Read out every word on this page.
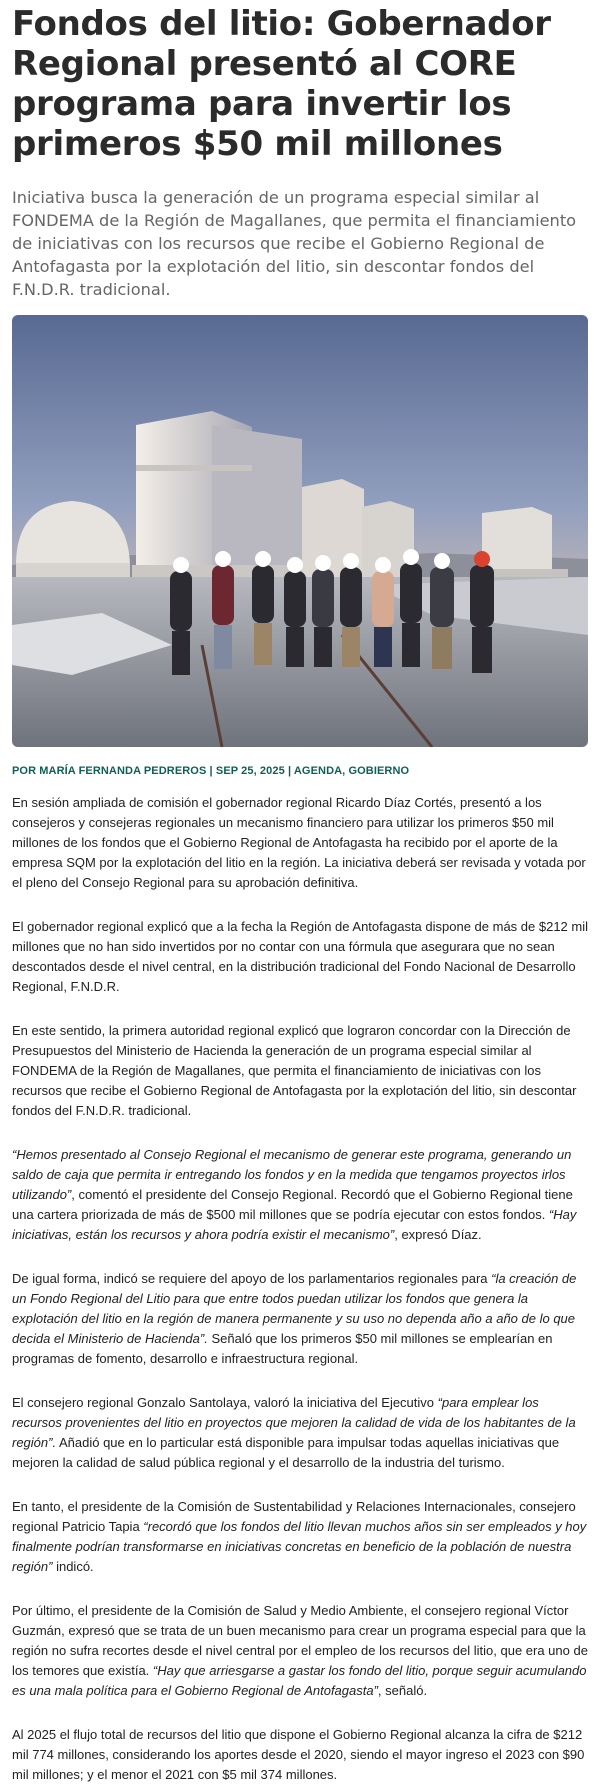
Fondos del litio: Gobernador Regional presentó al CORE programa para invertir los primeros $50 mil millones

Iniciativa busca la generación de un programa especial similar al FONDEMA de la Región de Magallanes, que permita el financiamiento de iniciativas con los recursos que recibe el Gobierno Regional de Antofagasta por la explotación del litio, sin descontar fondos del F.N.D.R. tradicional.

POR MARÍA FERNANDA PEDREROS | SEP 25, 2025 | AGENDA, GOBIERNO

En sesión ampliada de comisión el gobernador regional Ricardo Díaz Cortés, presentó a los consejeros y consejeras regionales un mecanismo financiero para utilizar los primeros $50 mil millones de los fondos que el Gobierno Regional de Antofagasta ha recibido por el aporte de la empresa SQM por la explotación del litio en la región. La iniciativa deberá ser revisada y votada por el pleno del Consejo Regional para su aprobación definitiva.

El gobernador regional explicó que a la fecha la Región de Antofagasta dispone de más de $212 mil millones que no han sido invertidos por no contar con una fórmula que asegurara que no sean descontados desde el nivel central, en la distribución tradicional del Fondo Nacional de Desarrollo Regional, F.N.D.R.

En este sentido, la primera autoridad regional explicó que lograron concordar con la Dirección de Presupuestos del Ministerio de Hacienda la generación de un programa especial similar al FONDEMA de la Región de Magallanes, que permita el financiamiento de iniciativas con los recursos que recibe el Gobierno Regional de Antofagasta por la explotación del litio, sin descontar fondos del F.N.D.R. tradicional.

“Hemos presentado al Consejo Regional el mecanismo de generar este programa, generando un saldo de caja que permita ir entregando los fondos y en la medida que tengamos proyectos irlos utilizando”, comentó el presidente del Consejo Regional. Recordó que el Gobierno Regional tiene una cartera priorizada de más de $500 mil millones que se podría ejecutar con estos fondos. “Hay iniciativas, están los recursos y ahora podría existir el mecanismo”, expresó Díaz.

De igual forma, indicó se requiere del apoyo de los parlamentarios regionales para “la creación de un Fondo Regional del Litio para que entre todos puedan utilizar los fondos que genera la explotación del litio en la región de manera permanente y su uso no dependa año a año de lo que decida el Ministerio de Hacienda”. Señaló que los primeros $50 mil millones se emplearían en programas de fomento, desarrollo e infraestructura regional.

El consejero regional Gonzalo Santolaya, valoró la iniciativa del Ejecutivo “para emplear los recursos provenientes del litio en proyectos que mejoren la calidad de vida de los habitantes de la región”. Añadió que en lo particular está disponible para impulsar todas aquellas iniciativas que mejoren la calidad de salud pública regional y el desarrollo de la industria del turismo.

En tanto, el presidente de la Comisión de Sustentabilidad y Relaciones Internacionales, consejero regional Patricio Tapia “recordó que los fondos del litio llevan muchos años sin ser empleados y hoy finalmente podrían transformarse en iniciativas concretas en beneficio de la población de nuestra región” indicó.

Por último, el presidente de la Comisión de Salud y Medio Ambiente, el consejero regional Víctor Guzmán, expresó que se trata de un buen mecanismo para crear un programa especial para que la región no sufra recortes desde el nivel central por el empleo de los recursos del litio, que era uno de los temores que existía. “Hay que arriesgarse a gastar los fondo del litio, porque seguir acumulando es una mala política para el Gobierno Regional de Antofagasta”, señaló.

Al 2025 el flujo total de recursos del litio que dispone el Gobierno Regional alcanza la cifra de $212 mil 774 millones, considerando los aportes desde el 2020, siendo el mayor ingreso el 2023 con $90 mil millones; y el menor el 2021 con $5 mil 374 millones.
